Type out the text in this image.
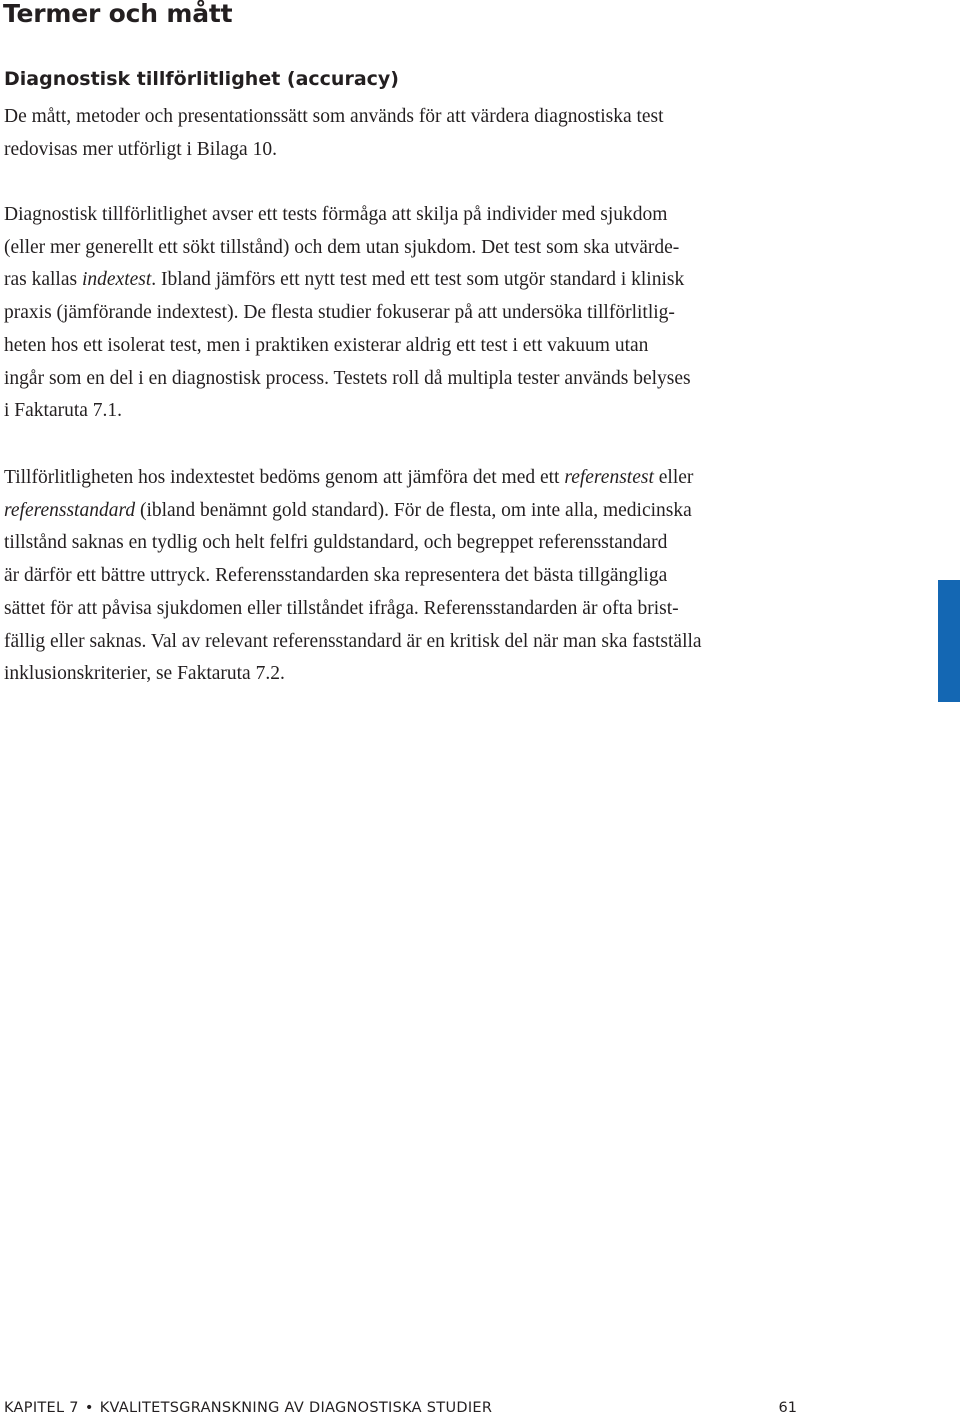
Termer och mått
Diagnostisk tillförlitlighet (accuracy)

De mått, metoder och presentationssätt som används för att värdera diagnostiska test
redovisas mer utförligt i Bilaga 10.

Diagnostisk tillförlitlighet avser ett tests förmåga att skilja på individer med sjukdom
(eller mer generellt ett sökt tillstånd) och dem utan sjukdom. Det test som ska utvärde-
ras kallas indextest. Ibland jämförs ett nytt test med ett test som utgör standard i klinisk
praxis (jämförande indextest). De flesta studier fokuserar på att undersöka tillförlitlig-
heten hos ett isolerat test, men i praktiken existerar aldrig ett test i ett vakuum utan
ingår som en del i en diagnostisk process. Testets roll då multipla tester används belyses
i Faktaruta 7.1.

Tillförlitligheten hos indextestet bedöms genom att jämföra det med ett referenstest eller
referensstandard (ibland benämnt gold standard). För de flesta, om inte alla, medicinska
tillstånd saknas en tydlig och helt felfri guldstandard, och begreppet referensstandard
är därför ett bättre uttryck. Referensstandarden ska representera det bästa tillgängliga
sättet för att påvisa sjukdomen eller tillståndet ifråga. Referensstandarden är ofta brist-
fällig eller saknas. Val av relevant referensstandard är en kritisk del när man ska fastställa
inklusionskriterier, se Faktaruta 7.2.

KAPITEL 7 • KVALITETSGRANSKNING AV DIAGNOSTISKA STUDIER	61
